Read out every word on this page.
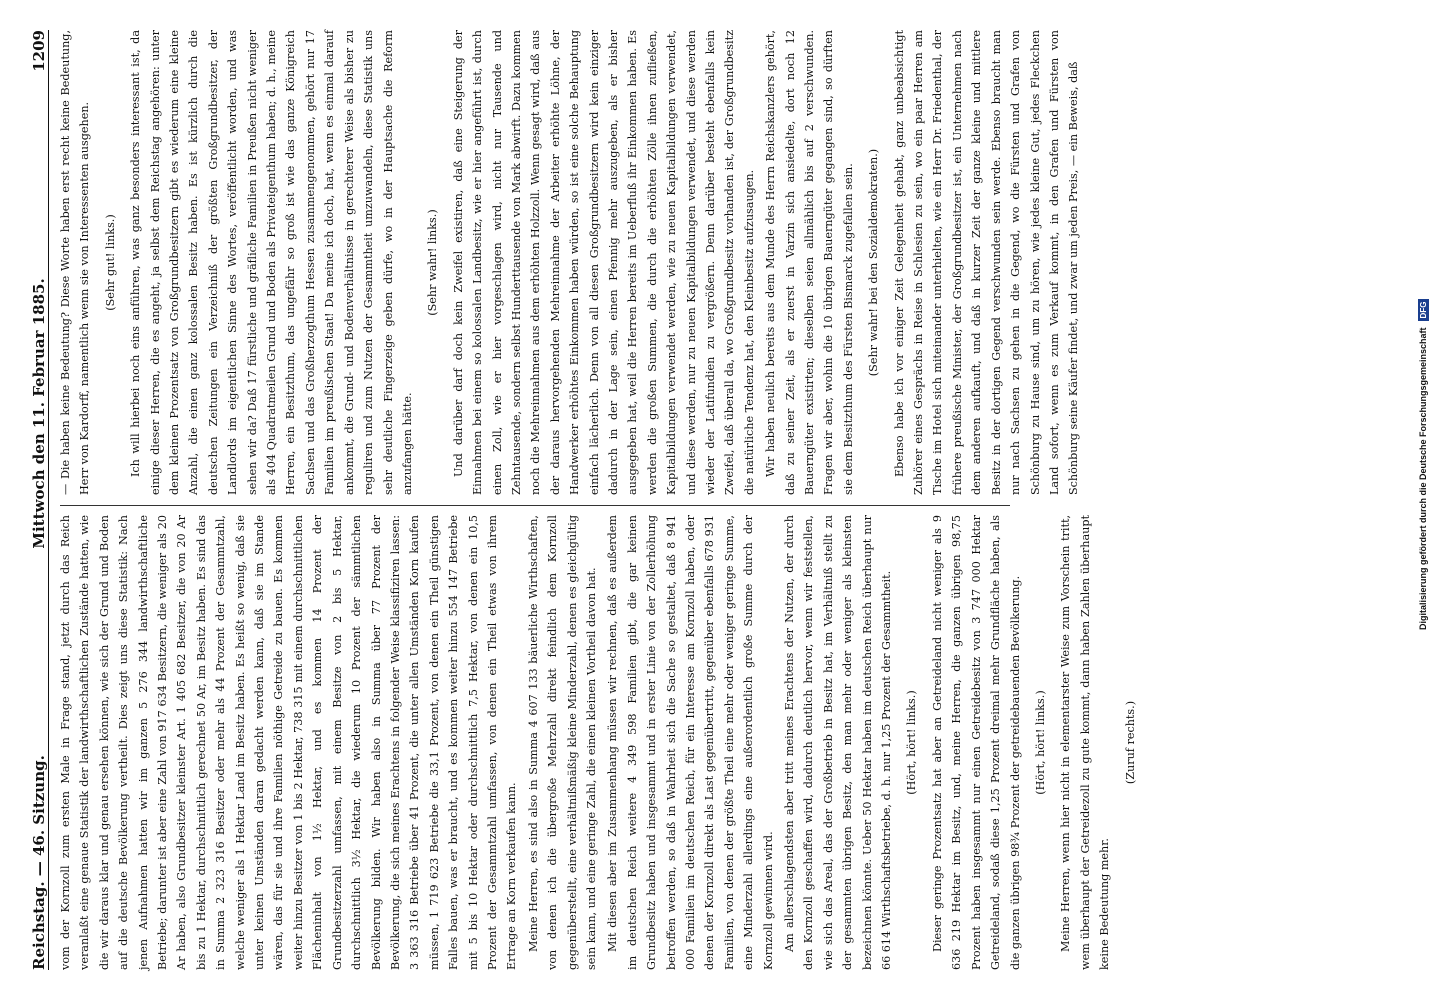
Reichstag. — 46. Sitzung.
Mittwoch den 11. Februar 1885.
1209

vom der Kornzoll zum ersten Male in Frage stand, jetzt durch das Reich veranlaßt eine genaue Statistik der landwirthschaftlichen Zustände hatten, wie die wir daraus klar und genau ersehen können, wie sich der Grund und Boden auf die deutsche Bevölkerung vertheilt. Dies zeigt uns diese Statistik: Nach jenen Aufnahmen hatten wir im ganzen 5 276 344 landwirthschaftliche Betriebe; darunter ist aber eine Zahl von 917 634 Besitzern, die weniger als 20 Ar haben, also Grundbesitzer kleinster Art. 1 405 682 Besitzer, die von 20 Ar bis zu 1 Hektar, durchschnittlich gerechnet 50 Ar, im Besitz haben. Es sind das in Summa 2 323 316 Besitzer oder mehr als 44 Prozent der Gesammtzahl, welche weniger als 1 Hektar Land im Besitz haben. Es heißt so wenig, daß sie unter keinen Umständen daran gedacht werden kann, daß sie im Stande wären, das für sie und ihre Familien nöthige Getreide zu bauen. Es kommen weiter hinzu Besitzer von 1 bis 2 Hektar, 738 315 mit einem durchschnittlichen Flächeninhalt von 1½ Hektar, und es kommen 14 Prozent der Grundbesitzerzahl umfassen, mit einem Besitze von 2 bis 5 Hektar, durchschnittlich 3½ Hektar, die wiederum 10 Prozent der sämmtlichen Bevölkerung bilden. Wir haben also in Summa über 77 Prozent der Bevölkerung, die sich meines Erachtens in folgender Weise klassifiziren lassen: 3 363 316 Betriebe über 41 Prozent, die unter allen Umständen Korn kaufen müssen, 1 719 623 Betriebe die 33,1 Prozent, von denen ein Theil günstigen Falles bauen, was er braucht, und es kommen weiter hinzu 554 147 Betriebe mit 5 bis 10 Hektar oder durchschnittlich 7,5 Hektar, von denen ein 10,5 Prozent der Gesammtzahl umfassen, von denen ein Theil etwas von ihrem Ertrage an Korn verkaufen kann. Meine Herren, es sind also in Summa 4 607 133 bäuerliche Wirthschaften, von denen ich die übergroße Mehrzahl direkt feindlich dem Kornzoll gegenüberstellt, eine verhältnißmäßig kleine Minderzahl, denen es gleichgültig sein kann, und eine geringe Zahl, die einen kleinen Vortheil davon hat. Mit diesen aber im Zusammenhang müssen wir rechnen, daß es außerdem im deutschen Reich weitere 4 349 598 Familien gibt, die gar keinen Grundbesitz haben und insgesammt und in erster Linie von der Zollerhöhung betroffen werden, so daß in Wahrheit sich die Sache so gestaltet, daß 8 941 000 Familien im deutschen Reich, für ein Interesse am Kornzoll haben, oder denen der Kornzoll direkt als Last gegenübertritt, gegenüber ebenfalls 678 931 Familien, von denen der größte Theil eine mehr oder weniger geringe Summe, eine Minderzahl allerdings eine außerordentlich große Summe durch der Kornzoll gewinnen wird. Am allerschlagendsten aber tritt meines Erachtens der Nutzen, der durch den Kornzoll geschaffen wird, dadurch deutlich hervor, wenn wir feststellen, wie sich das Areal, das der Großbetrieb in Besitz hat, im Verhältniß stellt zu der gesammten übrigen Besitz, den man mehr oder weniger als kleinsten bezeichnen könnte. Ueber 50 Hektar haben im deutschen Reich überhaupt nur 66 614 Wirthschaftsbetriebe, d. h. nur 1,25 Prozent der Gesammtheit.	(Hört, hört! links.)	Dieser geringe Prozentsatz hat aber an Getreideland nicht weniger als 9 636 219 Hektar im Besitz, und, meine Herren, die ganzen übrigen 98,75 Prozent haben insgesammt nur einen Getreidebesitz von 3 747 000 Hektar Getreideland, sodaß diese 1,25 Prozent dreimal mehr Grundfläche haben, als die ganzen übrigen 98¾ Prozent der getreidebauenden Bevölkerung.	(Hört, hört! links.)	Meine Herren, wenn hier nicht in elementarster Weise zum Vorschein tritt, wem überhaupt der Getreidezoll zu gute kommt, dann haben Zahlen überhaupt keine Bedeutung mehr.

(Zuruf rechts.)

— Die haben keine Bedeutung? Diese Worte haben erst recht keine Bedeutung, Herr von Kardorff, namentlich wenn sie von Interessenten ausgehen.	(Sehr gut! links.)	Ich will hierbei noch eins anführen, was ganz besonders interessant ist, da einige dieser Herren, die es angeht, ja selbst dem Reichstag angehören: unter dem kleinen Prozentsatz von Großgrundbesitzern gibt es wiederum eine kleine Anzahl, die einen ganz kolossalen Besitz haben. Es ist kürzlich durch die deutschen Zeitungen ein Verzeichniß der größten Großgrundbesitzer, der Landlords im eigentlichen Sinne des Wortes, veröffentlicht worden, und was sehen wir da? Daß 17 fürstliche und gräfliche Familien in Preußen nicht weniger als 404 Quadratmeilen Grund und Boden als Privateigenthum haben; d. h., meine Herren, ein Besitzthum, das ungefähr so groß ist wie das ganze Königreich Sachsen und das Großherzogthum Hessen zusammengenommen, gehört nur 17 Familien im preußischen Staat! Da meine ich doch, hat, wenn es einmal darauf ankommt, die Grund- und Bodenverhältnisse in gerechterer Weise als bisher zu reguliren und zum Nutzen der Gesammtheit umzuwandeln, diese Statistik uns sehr deutliche Fingerzeige geben dürfe, wo in der Hauptsache die Reform anzufangen hätte.

(Sehr wahr! links.)	Und darüber darf doch kein Zweifel existiren, daß eine Steigerung der Einnahmen bei einem so kolossalen Landbesitz, wie er hier angeführt ist, durch einen Zoll, wie er hier vorgeschlagen wird, nicht nur Tausende und Zehntausende, sondern selbst Hunderttausende von Mark abwirft. Dazu kommen noch die Mehreinnahmen aus dem erhöhten Holzzoll. Wenn gesagt wird, daß aus der daraus hervorgehenden Mehreinnahme der Arbeiter erhöhte Löhne, der Handwerker erhöhtes Einkommen haben würden, so ist eine solche Behauptung einfach lächerlich. Denn von all diesen Großgrundbesitzern wird kein einziger dadurch in der Lage sein, einen Pfennig mehr auszugeben, als er bisher ausgegeben hat, weil die Herren bereits im Ueberfluß ihr Einkommen haben. Es werden die großen Summen, die durch die erhöhten Zölle ihnen zufließen, Kapitalbildungen verwendet werden, wie zu neuen Kapitalbildungen verwendet, und diese werden, nur zu neuen Kapitalbildungen verwendet, und diese werden wieder der Latifundien zu vergrößern. Denn darüber besteht ebenfalls kein Zweifel, daß überall da, wo Großgrundbesitz vorhanden ist, der Großgrundbesitz die natürliche Tendenz hat, den Kleinbesitz aufzusaugen. Wir haben neulich bereits aus dem Munde des Herrn Reichskanzlers gehört, daß zu seiner Zeit, als er zuerst in Varzin sich ansiedelte, dort noch 12 Bauerngüter existirten; dieselben seien allmählich bis auf 2 verschwunden. Fragen wir aber, wohin die 10 übrigen Bauerngüter gegangen sind, so dürften sie dem Besitzthum des Fürsten Bismarck zugefallen sein.	(Sehr wahr! bei den Sozialdemokraten.)	Ebenso habe ich vor einiger Zeit Gelegenheit gehabt, ganz unbeabsichtigt Zuhörer eines Gesprächs in Reise in Schlesien zu sein, wo ein paar Herren am Tische im Hotel sich miteinander unterhielten, wie ein Herr Dr. Friedenthal, der frühere preußische Minister, der Großgrundbesitzer ist, ein Unternehmen nach dem anderen aufkauft, und daß in kurzer Zeit der ganze kleine und mittlere Besitz in der dortigen Gegend verschwunden sein werde. Ebenso braucht man nur nach Sachsen zu gehen in die Gegend, wo die Fürsten und Grafen von Schönburg zu Hause sind, um zu hören, wie jedes kleine Gut, jedes Fleckchen Land sofort, wenn es zum Verkauf kommt, in den Grafen und Fürsten von Schönburg seine Käufer findet, und zwar um jeden Preis, — ein Beweis, daß	Digitalisierung gefördert durch die Deutsche Forschungsgemeinschaft
DFG
